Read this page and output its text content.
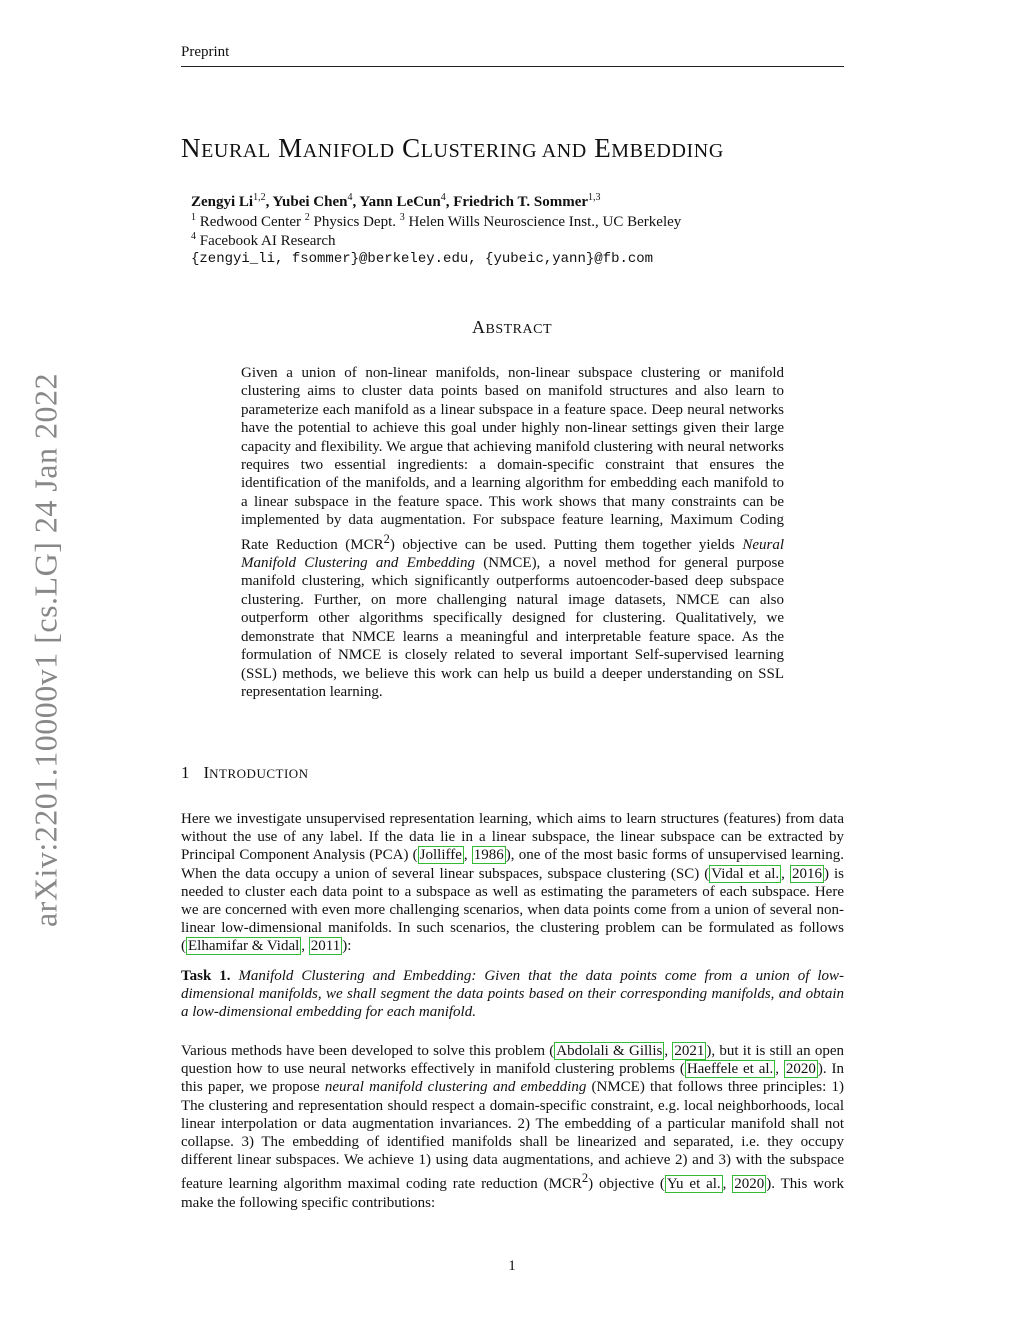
Preprint
NEURAL MANIFOLD CLUSTERING AND EMBEDDING
Zengyi Li$^{1,2}$, Yubei Chen$^4$, Yann LeCun$^4$, Friedrich T. Sommer$^{1,3}$
$^1$ Redwood Center $^2$ Physics Dept. $^3$ Helen Wills Neuroscience Inst., UC Berkeley
$^4$ Facebook AI Research
{zengyi_li, fsommer}@berkeley.edu, {yubeic,yann}@fb.com
ABSTRACT
Given a union of non-linear manifolds, non-linear subspace clustering or manifold clustering aims to cluster data points based on manifold structures and also learn to parameterize each manifold as a linear subspace in a feature space. Deep neural networks have the potential to achieve this goal under highly non-linear settings given their large capacity and flexibility. We argue that achieving manifold clustering with neural networks requires two essential ingredients: a domain-specific constraint that ensures the identification of the manifolds, and a learning algorithm for embedding each manifold to a linear subspace in the feature space. This work shows that many constraints can be implemented by data augmentation. For subspace feature learning, Maximum Coding Rate Reduction (MCR$^2$) objective can be used. Putting them together yields Neural Manifold Clustering and Embedding (NMCE), a novel method for general purpose manifold clustering, which significantly outperforms autoencoder-based deep subspace clustering. Further, on more challenging natural image datasets, NMCE can also outperform other algorithms specifically designed for clustering. Qualitatively, we demonstrate that NMCE learns a meaningful and interpretable feature space. As the formulation of NMCE is closely related to several important Self-supervised learning (SSL) methods, we believe this work can help us build a deeper understanding on SSL representation learning.
arXiv:2201.10000v1 [cs.LG] 24 Jan 2022	1 INTRODUCTION
Here we investigate unsupervised representation learning, which aims to learn structures (features) from data without the use of any label. If the data lie in a linear subspace, the linear subspace can be extracted by Principal Component Analysis (PCA) ( Jolliffe , 1986 ), one of the most basic forms of unsupervised learning. When the data occupy a union of several linear subspaces, subspace clustering (SC) ( Vidal et al. , 2016 ) is needed to cluster each data point to a subspace as well as estimating the parameters of each subspace. Here we are concerned with even more challenging scenarios, when data points come from a union of several non-linear low-dimensional manifolds. In such scenarios, the clustering problem can be formulated as follows ( Elhamifar & Vidal , 2011 ):
Task 1. Manifold Clustering and Embedding: Given that the data points come from a union of low-dimensional manifolds, we shall segment the data points based on their corresponding manifolds, and obtain a low-dimensional embedding for each manifold.
Various methods have been developed to solve this problem ( Abdolali & Gillis , 2021 ), but it is still an open question how to use neural networks effectively in manifold clustering problems ( Haeffele et al. , 2020 ). In this paper, we propose neural manifold clustering and embedding (NMCE) that follows three principles: 1) The clustering and representation should respect a domain-specific constraint, e.g. local neighborhoods, local linear interpolation or data augmentation invariances. 2) The embedding of a particular manifold shall not collapse. 3) The embedding of identified manifolds shall be linearized and separated, i.e. they occupy different linear subspaces. We achieve 1) using data augmentations, and achieve 2) and 3) with the subspace feature learning algorithm maximal coding rate reduction (MCR$^2$) objective ( Yu et al. , 2020 ). This work make the following specific contributions:
1
